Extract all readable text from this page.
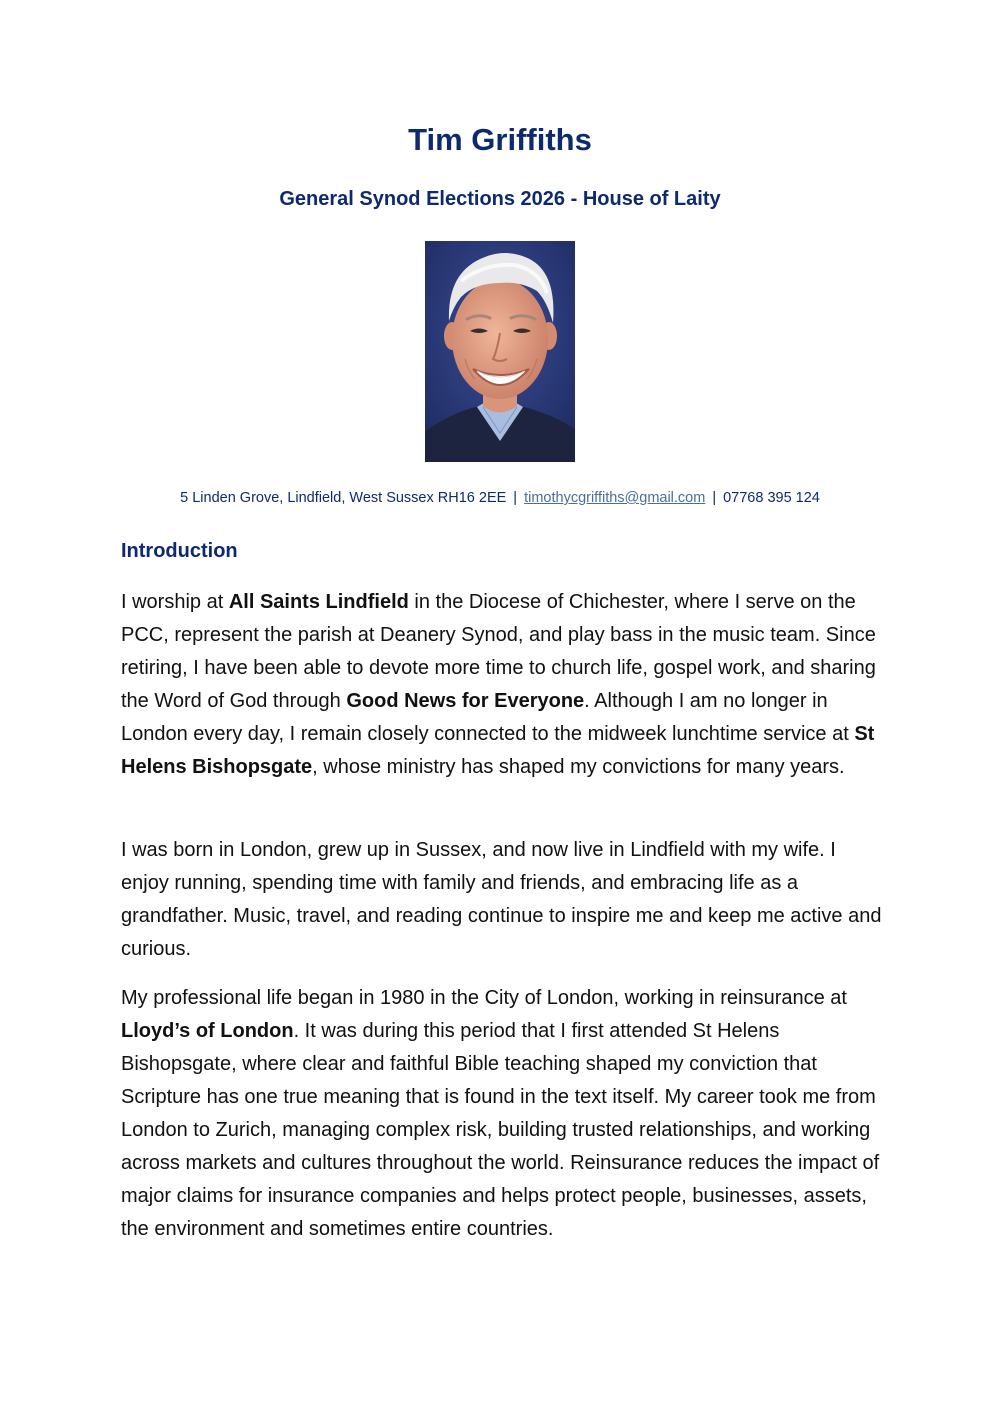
Tim Griffiths
General Synod Elections 2026 - House of Laity
5 Linden Grove, Lindfield, West Sussex RH16 2EE | timothycgriffiths@gmail.com | 07768 395 124
Introduction

I worship at All Saints Lindfield in the Diocese of Chichester, where I serve on the PCC, represent the parish at Deanery Synod, and play bass in the music team. Since retiring, I have been able to devote more time to church life, gospel work, and sharing the Word of God through Good News for Everyone. Although I am no longer in London every day, I remain closely connected to the midweek lunchtime service at St Helens Bishopsgate, whose ministry has shaped my convictions for many years.

I was born in London, grew up in Sussex, and now live in Lindfield with my wife. I enjoy running, spending time with family and friends, and embracing life as a grandfather. Music, travel, and reading continue to inspire me and keep me active and curious.

My professional life began in 1980 in the City of London, working in reinsurance at Lloyd’s of London. It was during this period that I first attended St Helens Bishopsgate, where clear and faithful Bible teaching shaped my conviction that Scripture has one true meaning that is found in the text itself. My career took me from London to Zurich, managing complex risk, building trusted relationships, and working across markets and cultures throughout the world. Reinsurance reduces the impact of major claims for insurance companies and helps protect people, businesses, assets, the environment and sometimes entire countries.
